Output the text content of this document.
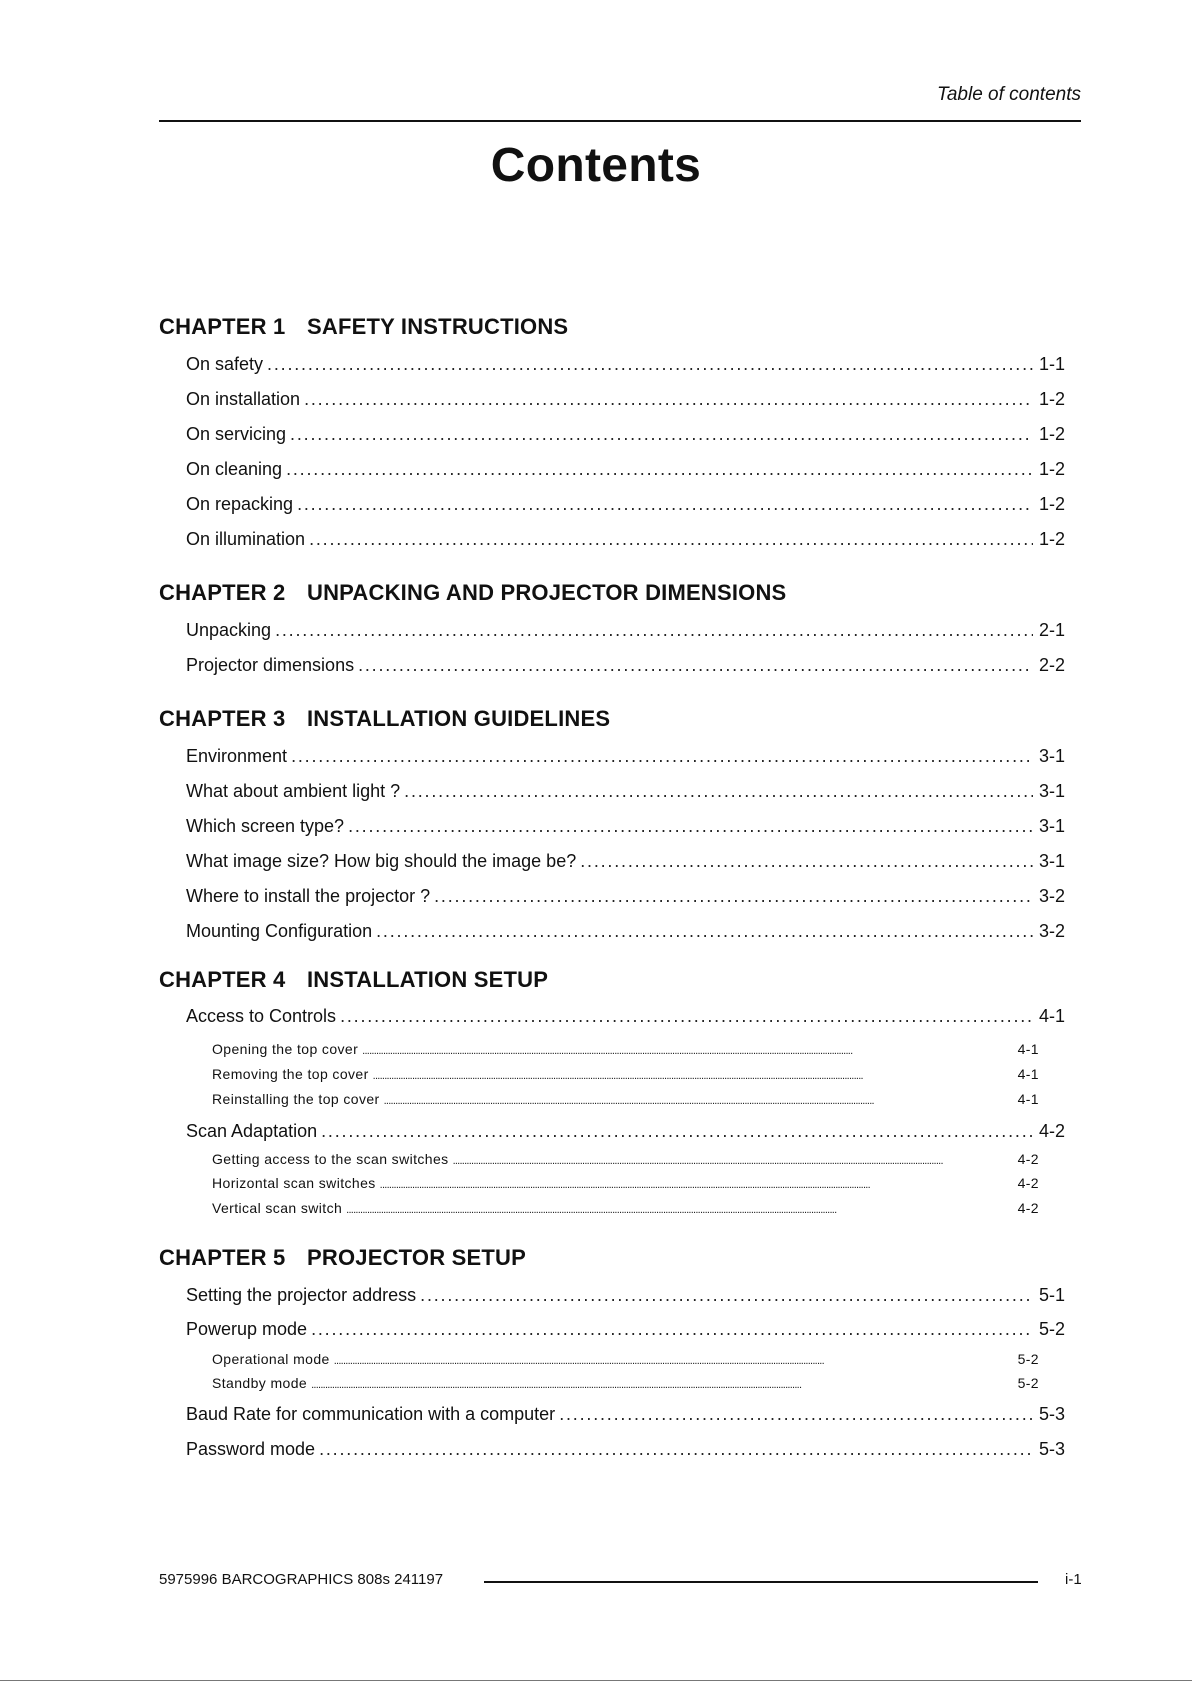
Table of contents
Contents
CHAPTER 1 SAFETY INSTRUCTIONS
On safety . . .	1-1
On installation . . .	1-2
On servicing . . .	1-2
On cleaning . . .	1-2
On repacking . . .	1-2
On illumination . . .	1-2
CHAPTER 2 UNPACKING AND PROJECTOR DIMENSIONS
Unpacking . . .	2-1
Projector dimensions . . .	2-2
CHAPTER 3 INSTALLATION GUIDELINES
Environment . . .	3-1
What about ambient light ? . . .	3-1
Which screen type? . . .	3-1
What image size? How big should the image be? . . .	3-1
Where to install the projector ? . . .	3-2
Mounting Configuration . . .	3-2
CHAPTER 4 INSTALLATION SETUP
Access to Controls . . .	4-1
Opening the top cover . . .	4-1
Removing the top cover . . .	4-1
Reinstalling the top cover . . .	4-1
Scan Adaptation . . .	4-2
Getting access to the scan switches . . .	4-2
Horizontal scan switches . . .	4-2
Vertical scan switch . . .	4-2
CHAPTER 5 PROJECTOR SETUP
Setting the projector address . . .	5-1
Powerup mode . . .	5-2
Operational mode . . .	5-2
Standby mode . . .	5-2
Baud Rate for communication with a computer . . .	5-3
Password mode . . .	5-3
5975996 BARCOGRAPHICS 808s 241197	i-1
